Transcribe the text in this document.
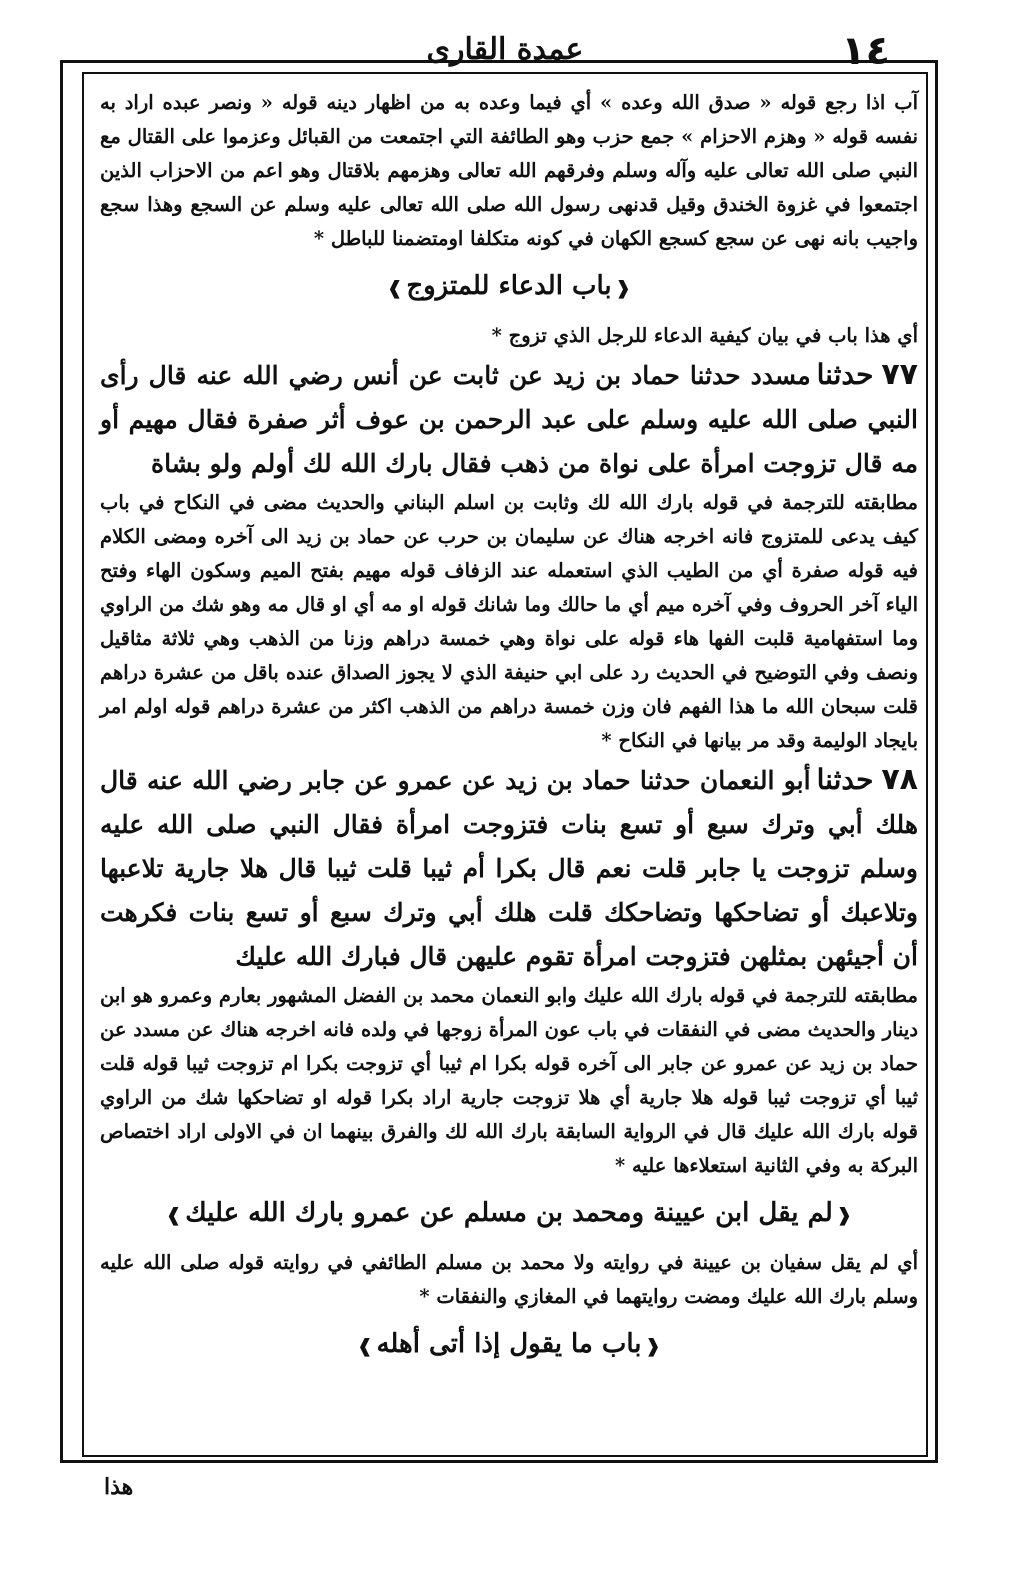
١٤
عمدة القارى

آب اذا رجع قوله « صدق الله وعده » أي فيما وعده به من اظهار دينه قوله « ونصر عبده اراد به نفسه قوله « وهزم الاحزام » جمع حزب وهو الطائفة التي اجتمعت من القبائل وعزموا على القتال مع النبي صلى الله تعالى عليه وآله وسلم وفرقهم الله تعالى وهزمهم بلاقتال وهو اعم من الاحزاب الذين اجتمعوا في غزوة الخندق وقيل قدنهى رسول الله صلى الله تعالى عليه وسلم عن السجع وهذا سجع واجيب بانه نهى عن سجع كسجع الكهان في كونه متكلفا اومتضمنا للباطل *

❰باب الدعاء للمتزوج❱

أي هذا باب في بيان كيفية الدعاء للرجل الذي تزوج *

٧٧حدثنامسدد حدثنا حماد بن زيد عن ثابت عن أنس رضي الله عنه قال رأى النبي صلى الله عليه وسلم على عبد الرحمن بن عوف أثر صفرة فقال مهيم أو مه قال تزوجت امرأة على نواة من ذهب فقال بارك الله لك أولم ولو بشاة

مطابقته للترجمة في قوله بارك الله لك وثابت بن اسلم البناني والحديث مضى في النكاح في باب كيف يدعى للمتزوج فانه اخرجه هناك عن سليمان بن حرب عن حماد بن زيد الى آخره ومضى الكلام فيه قوله صفرة أي من الطيب الذي استعمله عند الزفاف قوله مهيم بفتح الميم وسكون الهاء وفتح الياء آخر الحروف وفي آخره ميم أي ما حالك وما شانك قوله او مه أي او قال مه وهو شك من الراوي وما استفهامية قلبت الفها هاء قوله على نواة وهي خمسة دراهم وزنا من الذهب وهي ثلاثة مثاقيل ونصف وفي التوضيح في الحديث رد على ابي حنيفة الذي لا يجوز الصداق عنده باقل من عشرة دراهم قلت سبحان الله ما هذا الفهم فان وزن خمسة دراهم من الذهب اكثر من عشرة دراهم قوله اولم امر بايجاد الوليمة وقد مر بيانها في النكاح *

٧٨حدثناأبو النعمان حدثنا حماد بن زيد عن عمرو عن جابر رضي الله عنه قال هلك أبي وترك سبع أو تسع بنات فتزوجت امرأة فقال النبي صلى الله عليه وسلم تزوجت يا جابر قلت نعم قال بكرا أم ثيبا قلت ثيبا قال هلا جارية تلاعبها وتلاعبك أو تضاحكها وتضاحكك قلت هلك أبي وترك سبع أو تسع بنات فكرهت أن أجيئهن بمثلهن فتزوجت امرأة تقوم عليهن قال فبارك الله عليك

مطابقته للترجمة في قوله بارك الله عليك وابو النعمان محمد بن الفضل المشهور بعارم وعمرو هو ابن دينار والحديث مضى في النفقات في باب عون المرأة زوجها في ولده فانه اخرجه هناك عن مسدد عن حماد بن زيد عن عمرو عن جابر الى آخره قوله بكرا ام ثيبا أي تزوجت بكرا ام تزوجت ثيبا قوله قلت ثيبا أي تزوجت ثيبا قوله هلا جارية أي هلا تزوجت جارية اراد بكرا قوله او تضاحكها شك من الراوي قوله بارك الله عليك قال في الرواية السابقة بارك الله لك والفرق بينهما ان في الاولى اراد اختصاص البركة به وفي الثانية استعلاءها عليه *

❰لم يقل ابن عيينة ومحمد بن مسلم عن عمرو بارك الله عليك❱

أي لم يقل سفيان بن عيينة في روايته ولا محمد بن مسلم الطائفي في روايته قوله صلى الله عليه وسلم بارك الله عليك ومضت روايتهما في المغازي والنفقات *

❰باب ما يقول إذا أتى أهله❱
هذا
